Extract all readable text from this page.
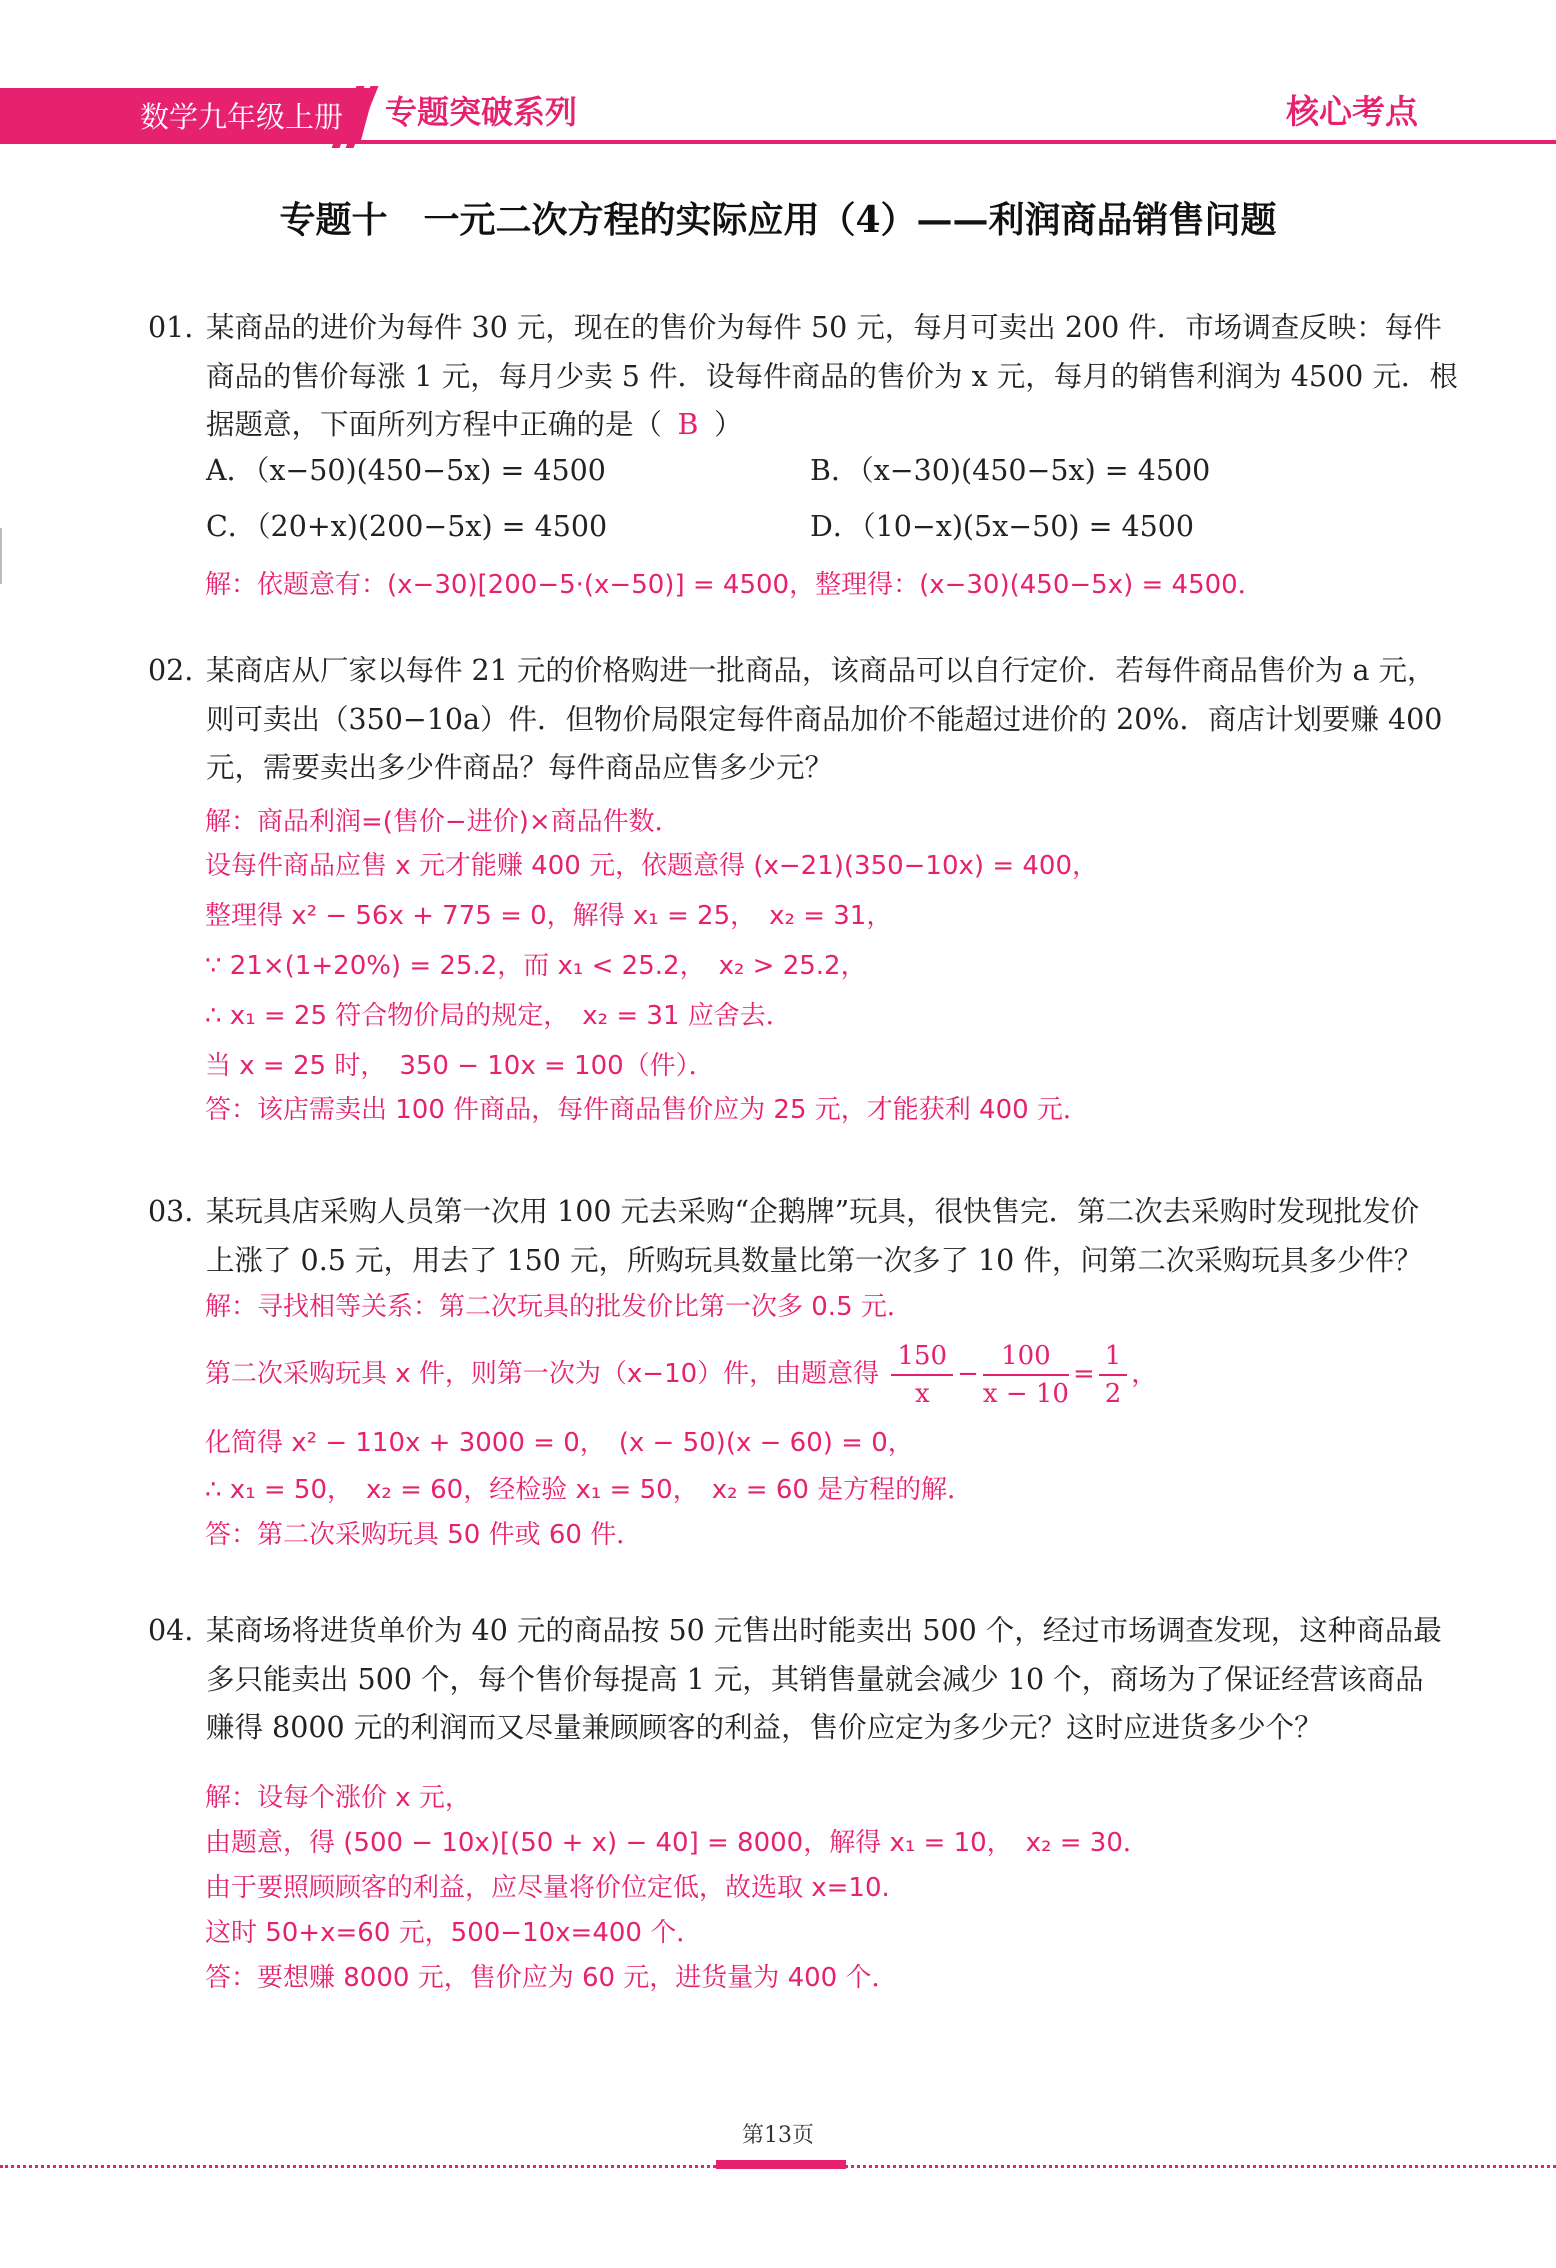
数学九年级上册 专题突破系列	核心考点
专题十　一元二次方程的实际应用（4）——利润商品销售问题
01. 某商品的进价为每件 30 元，现在的售价为每件 50 元，每月可卖出 200 件．市场调查反映：每件
商品的售价每涨 1 元，每月少卖 5 件．设每件商品的售价为 x 元，每月的销售利润为 4500 元．根
据题意，下面所列方程中正确的是（ B ）
A．（x−50)(450−5x) = 4500	B．（x−30)(450−5x) = 4500
C．（20+x)(200−5x) = 4500	D．（10−x)(5x−50) = 4500
解：依题意有：(x−30)[200−5·(x−50)] = 4500，整理得：(x−30)(450−5x) = 4500．
02. 某商店从厂家以每件 21 元的价格购进一批商品，该商品可以自行定价．若每件商品售价为 a 元，
则可卖出（350−10a）件．但物价局限定每件商品加价不能超过进价的 20%．商店计划要赚 400
元，需要卖出多少件商品？每件商品应售多少元？
解：商品利润=(售价−进价)×商品件数．
设每件商品应售 x 元才能赚 400 元，依题意得 (x−21)(350−10x) = 400，
整理得 x² − 56x + 775 = 0，解得 x₁ = 25，　x₂ = 31，
∵ 21×(1+20%) = 25.2，而 x₁ < 25.2，　x₂ > 25.2，
∴ x₁ = 25 符合物价局的规定，　x₂ = 31 应舍去．
当 x = 25 时，　350 − 10x = 100（件）．
答：该店需卖出 100 件商品，每件商品售价应为 25 元，才能获利 400 元．
03. 某玩具店采购人员第一次用 100 元去采购“企鹅牌”玩具，很快售完．第二次去采购时发现批发价
上涨了 0.5 元，用去了 150 元，所购玩具数量比第一次多了 10 件，问第二次采购玩具多少件？
解：寻找相等关系：第二次玩具的批发价比第一次多 0.5 元．
第二次采购玩具 x 件，则第一次为（x−10）件，由题意得 $\frac{150}{x} - \frac{100}{x - 10} = \frac{1}{2}$ ，
化简得 x² − 110x + 3000 = 0，　(x − 50)(x − 60) = 0，
∴ x₁ = 50，　x₂ = 60，经检验 x₁ = 50，　x₂ = 60 是方程的解．
答：第二次采购玩具 50 件或 60 件．
04. 某商场将进货单价为 40 元的商品按 50 元售出时能卖出 500 个，经过市场调查发现，这种商品最
多只能卖出 500 个，每个售价每提高 1 元，其销售量就会减少 10 个，商场为了保证经营该商品
赚得 8000 元的利润而又尽量兼顾顾客的利益，售价应定为多少元？这时应进货多少个？
解：设每个涨价 x 元，
由题意，得 (500 − 10x)[(50 + x) − 40] = 8000，解得 x₁ = 10，　x₂ = 30．
由于要照顾顾客的利益，应尽量将价位定低，故选取 x=10.
这时 50+x=60 元，500−10x=400 个．
答：要想赚 8000 元，售价应为 60 元，进货量为 400 个．
第13页
